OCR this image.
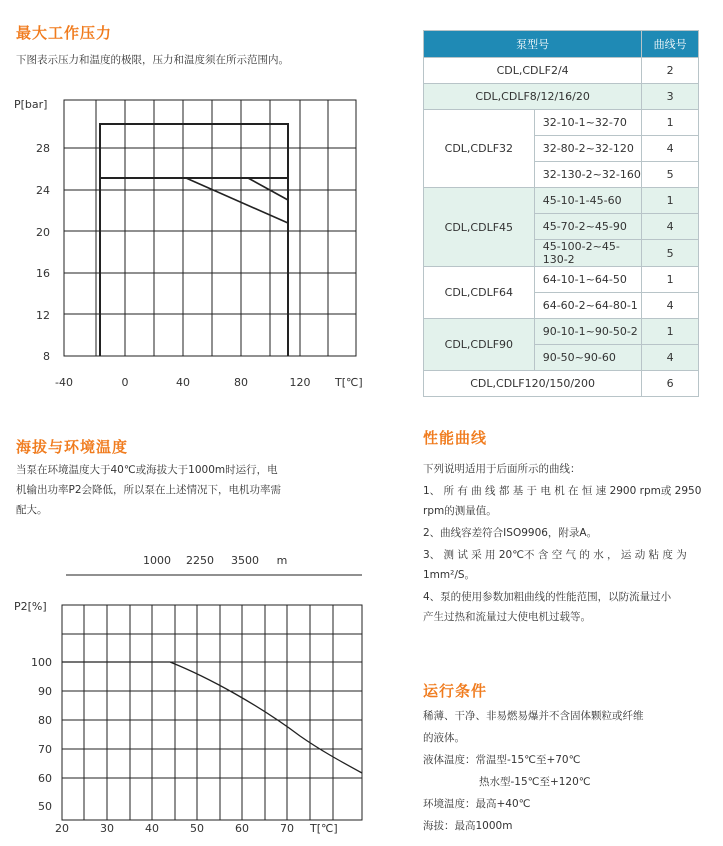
最大工作压力
下图表示压力和温度的极限，压力和温度须在所示范围内。
P[bar]
8
12
16
20
24
28
-40	0	40	80	120 T[℃]
海拔与环境温度
当泵在环境温度大于40℃或海拔大于1000m时运行，电
机输出功率P2会降低，所以泵在上述情况下，电机功率需
配大。
1000 2250 3500 m
P2[%]
50
60
70
80
90
100
20	30	40	50	60	70 T[℃]
泵型号		曲线号
CDL,CDLF2/4		2
CDL,CDLF8/12/16/20		3
CDL,CDLF32	32-10-1~32-70	1
	32-80-2~32-120	4
	32-130-2~32-160	5
CDL,CDLF45	45-10-1-45-60	1
	45-70-2~45-90	4
	45-100-2~45-130-2	5
CDL,CDLF64	64-10-1~64-50	1
	64-60-2~64-80-1	4
CDL,CDLF90	90-10-1~90-50-2	1
	90-50~90-60	4
CDL,CDLF120/150/200		6
性能曲线
下列说明适用于后面所示的曲线：
1、 所 有 曲 线 都 基 于 电 机 在 恒 速 2900 rpm或 2950
rpm的测量值。
2、曲线容差符合ISO9906，附录A。
3、 测 试 采 用 20℃不 含 空 气 的 水 ， 运 动 粘 度 为
1mm²/S。
4、泵的使用参数加粗曲线的性能范围，以防流量过小
产生过热和流量过大使电机过载等。
运行条件
稀薄、干净、非易燃易爆并不含固体颗粒或纤维
的液体。
液体温度：常温型-15℃至+70℃
热水型-15℃至+120℃
环境温度：最高+40℃
海拔：最高1000m
